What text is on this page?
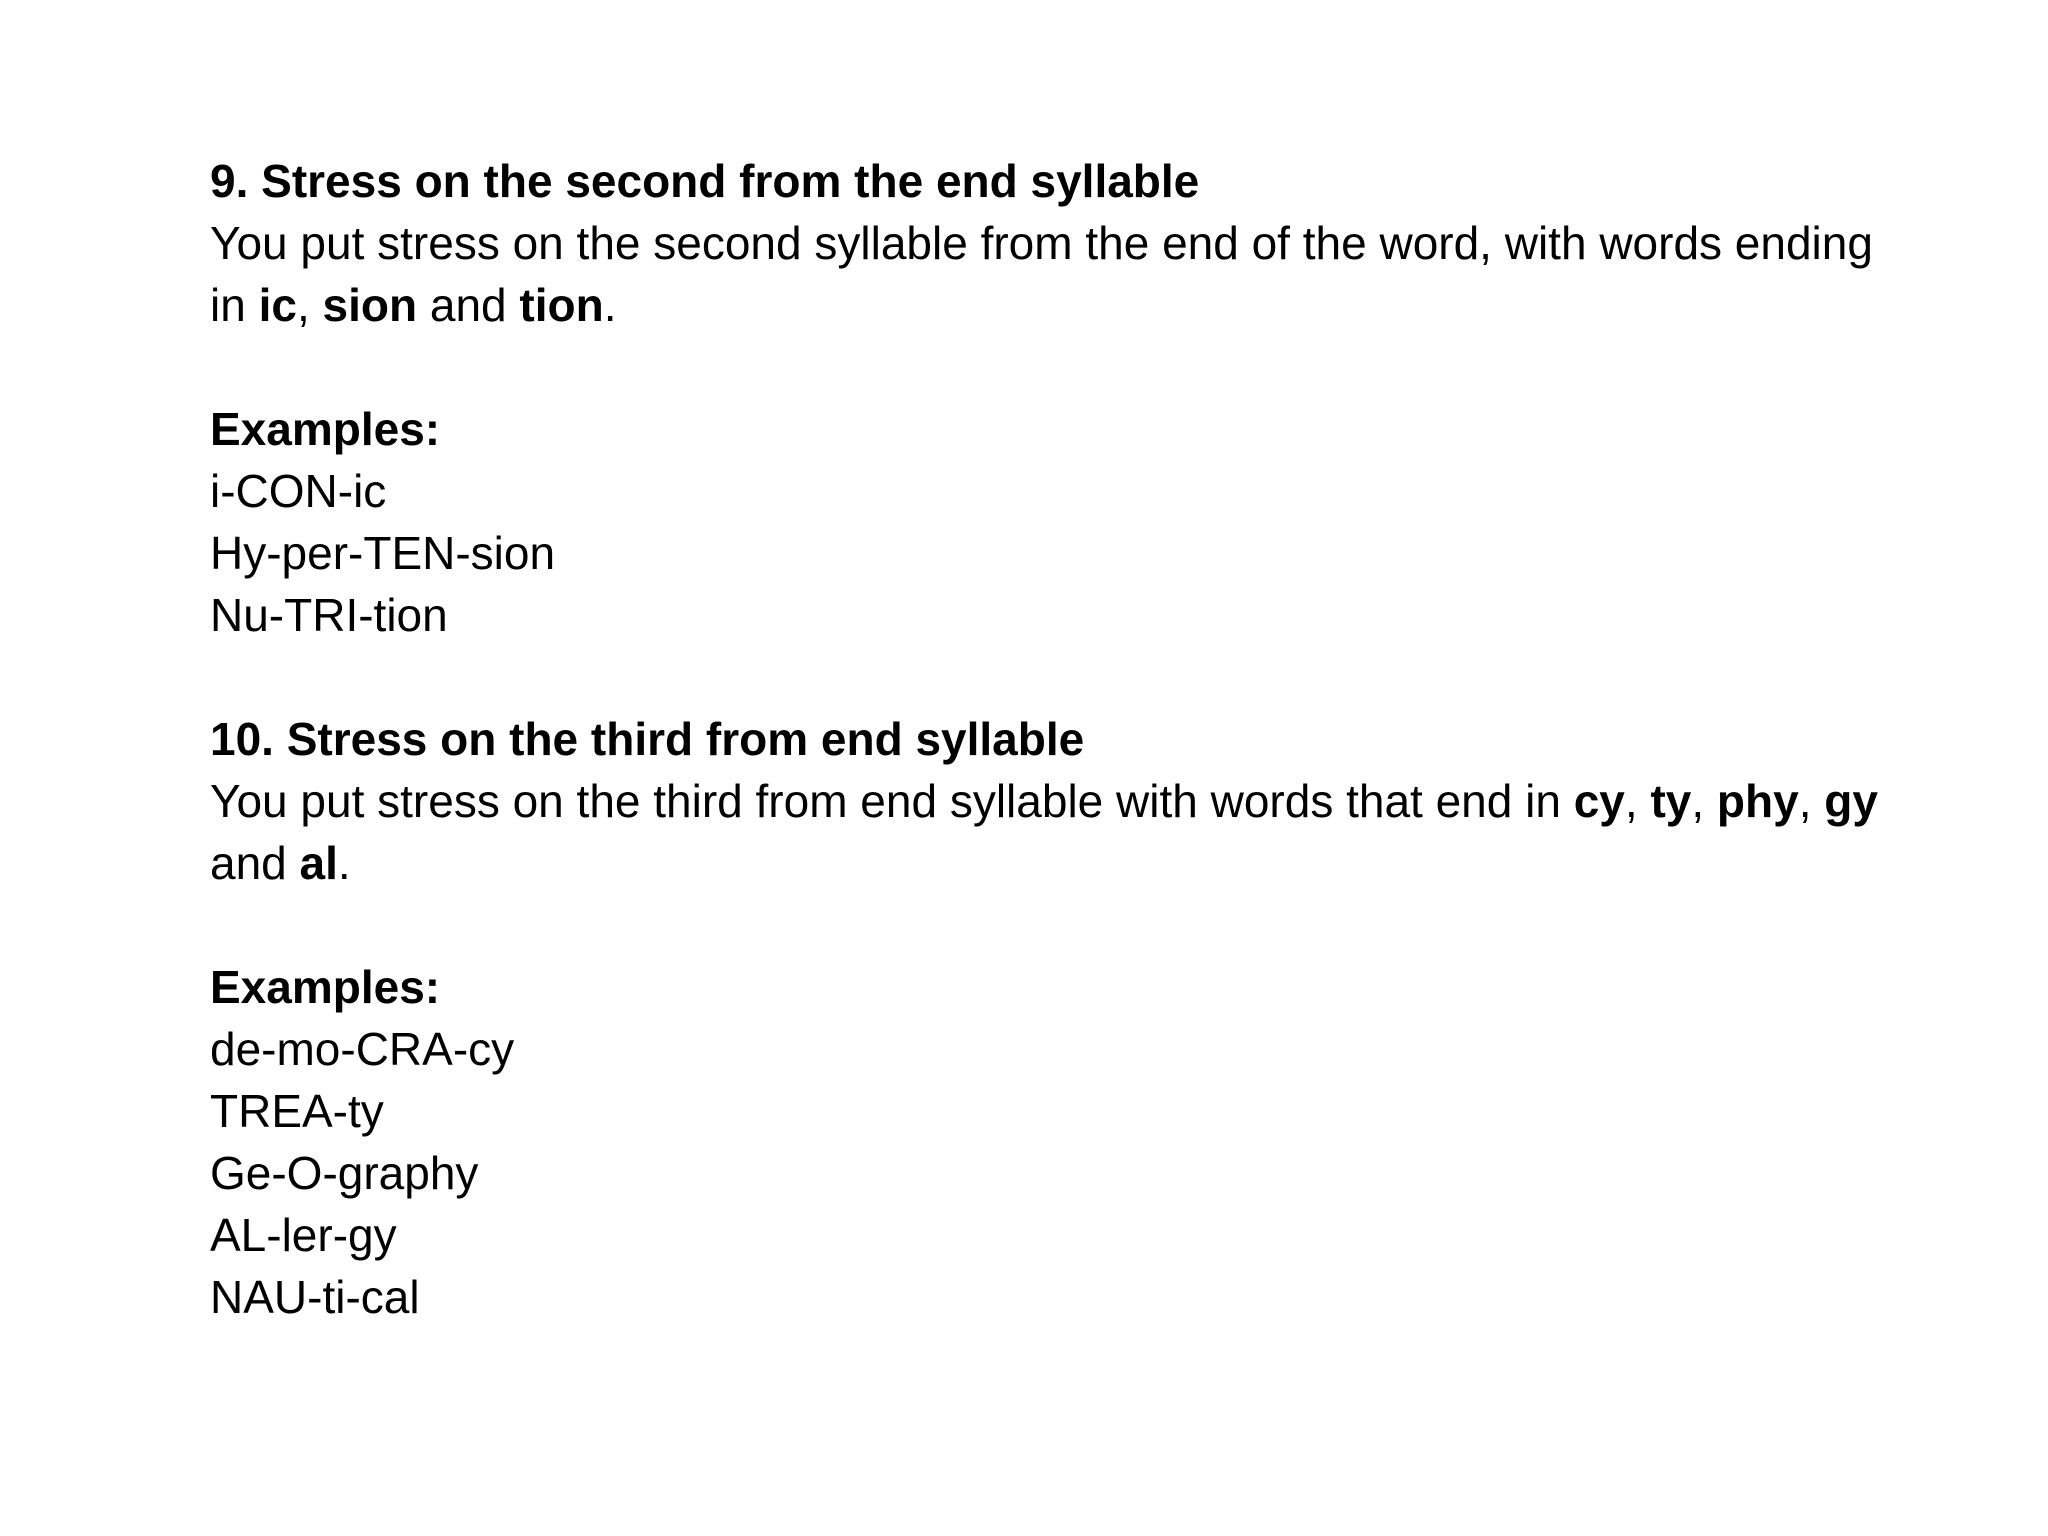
9. Stress on the second from the end syllable
You put stress on the second syllable from the end of the word, with words ending
in ic, sion and tion.
Examples:
i-CON-ic
Hy-per-TEN-sion
Nu-TRI-tion
10. Stress on the third from end syllable
You put stress on the third from end syllable with words that end in cy, ty, phy, gy
and al.
Examples:
de-mo-CRA-cy
TREA-ty
Ge-O-graphy
AL-ler-gy
NAU-ti-cal
